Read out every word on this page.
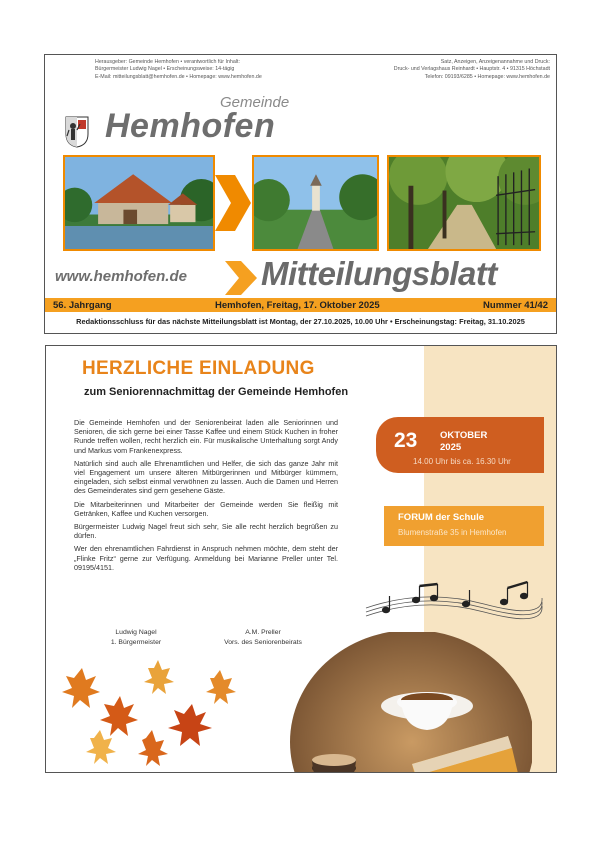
Herausgeber: Gemeinde Hemhofen • verantwortlich für Inhalt:
Bürgermeister Ludwig Nagel • Erscheinungsweise: 14-tägig
E-Mail: mitteilungsblatt@hemhofen.de • Homepage: www.hemhofen.de
Satz, Anzeigen, Anzeigenannahme und Druck:
Druck- und Verlagshaus Reinhardt • Hauptstr. 4 • 91315 Höchstadt
Telefon: 09193/6285 • Homepage: www.hemhofen.de
Gemeinde
Hemhofen
www.hemhofen.de Mitteilungsblatt
56. Jahrgang	Hemhofen, Freitag, 17. Oktober 2025	Nummer 41/42
Redaktionsschluss für das nächste Mitteilungsblatt ist Montag, der 27.10.2025, 10.00 Uhr • Erscheinungstag: Freitag, 31.10.2025
HERZLICHE EINLADUNG
zum Seniorennachmittag der Gemeinde Hemhofen

Die Gemeinde Hemhofen und der Seniorenbeirat laden alle Seniorinnen und Senioren, die sich gerne bei einer Tasse Kaffee und einem Stück Kuchen in froher Runde treffen wollen, recht herzlich ein. Für musikalische Unterhaltung sorgt Andy und Markus vom Frankenexpress.

Natürlich sind auch alle Ehrenamtlichen und Helfer, die sich das ganze Jahr mit viel Engagement um unsere älteren Mitbürgerinnen und Mitbürger kümmern, eingeladen, sich selbst einmal verwöhnen zu lassen. Auch die Damen und Herren des Gemeinderates sind gern gesehene Gäste.

Die Mitarbeiterinnen und Mitarbeiter der Gemeinde werden Sie fleißig mit Getränken, Kaffee und Kuchen versorgen.

Bürgermeister Ludwig Nagel freut sich sehr, Sie alle recht herzlich begrüßen zu dürfen.

Wer den ehrenamtlichen Fahrdienst in Anspruch nehmen möchte, dem steht der „Flinke Fritz“ gerne zur Verfügung. Anmeldung bei Marianne Preller unter Tel. 09195/4151.

23 OKTOBER
2025
14.00 Uhr bis ca. 16.30 Uhr
FORUM der Schule
Blumenstraße 35 in Hemhofen
Ludwig Nagel
1. Bürgermeister
A.M. Preller
Vors. des Seniorenbeirats
